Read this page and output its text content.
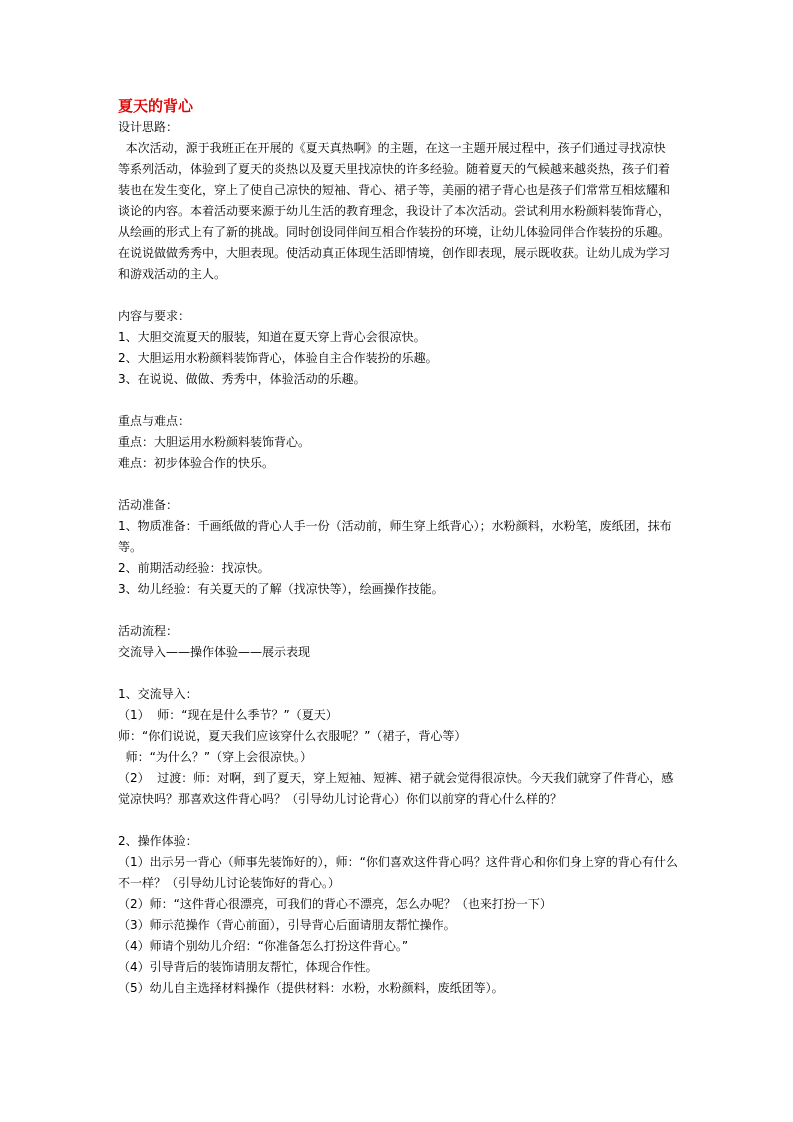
夏天的背心

设计思路：

本次活动，源于我班正在开展的《夏天真热啊》的主题，在这一主题开展过程中，孩子们通过寻找凉快

等系列活动，体验到了夏天的炎热以及夏天里找凉快的许多经验。随着夏天的气候越来越炎热，孩子们着

装也在发生变化，穿上了使自己凉快的短袖、背心、裙子等，美丽的裙子背心也是孩子们常常互相炫耀和

谈论的内容。本着活动要来源于幼儿生活的教育理念，我设计了本次活动。尝试利用水粉颜料装饰背心，

从绘画的形式上有了新的挑战。同时创设同伴间互相合作装扮的环境，让幼儿体验同伴合作装扮的乐趣。

在说说做做秀秀中，大胆表现。使活动真正体现生活即情境，创作即表现，展示既收获。让幼儿成为学习

和游戏活动的主人。

内容与要求：

1、大胆交流夏天的服装，知道在夏天穿上背心会很凉快。

2、大胆运用水粉颜料装饰背心，体验自主合作装扮的乐趣。

3、在说说、做做、秀秀中，体验活动的乐趣。

重点与难点：

重点：大胆运用水粉颜料装饰背心。

难点：初步体验合作的快乐。

活动准备：

1、物质准备：千画纸做的背心人手一份（活动前，师生穿上纸背心）；水粉颜料，水粉笔，废纸团，抹布

等。

2、前期活动经验：找凉快。

3、幼儿经验：有关夏天的了解（找凉快等），绘画操作技能。

活动流程：

交流导入——操作体验——展示表现

1、交流导入：

（1）  师：“现在是什么季节？”（夏天）

师：“你们说说，夏天我们应该穿什么衣服呢？”（裙子，背心等）

师：“为什么？”（穿上会很凉快。）

（2）  过渡：师：对啊，到了夏天，穿上短袖、短裤、裙子就会觉得很凉快。今天我们就穿了件背心，感

觉凉快吗？那喜欢这件背心吗？（引导幼儿讨论背心）你们以前穿的背心什么样的？

2、操作体验：

（1）出示另一背心（师事先装饰好的），师：“你们喜欢这件背心吗？这件背心和你们身上穿的背心有什么

不一样？（引导幼儿讨论装饰好的背心。）

（2）师：“这件背心很漂亮，可我们的背心不漂亮，怎么办呢？（也来打扮一下）

（3）师示范操作（背心前面），引导背心后面请朋友帮忙操作。

（4）师请个别幼儿介绍：“你准备怎么打扮这件背心。”

（4）引导背后的装饰请朋友帮忙，体现合作性。

（5）幼儿自主选择材料操作（提供材料：水粉，水粉颜料，废纸团等）。
